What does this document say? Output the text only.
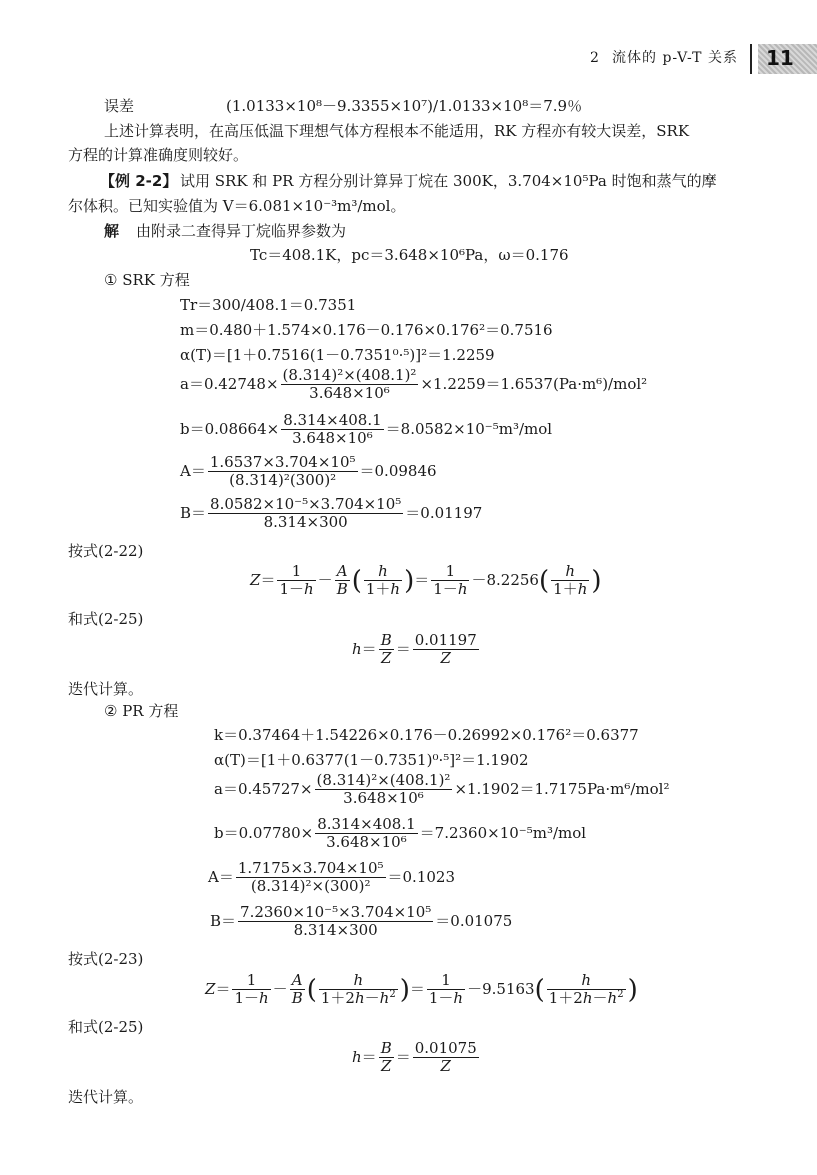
2 流体的 p-V-T 关系 11
误差	(1.0133×10⁸－9.3355×10⁷)/1.0133×10⁸＝7.9％
上述计算表明，在高压低温下理想气体方程根本不能适用，RK 方程亦有较大误差，SRK
方程的计算准确度则较好。
【例 2-2】 试用 SRK 和 PR 方程分别计算异丁烷在 300K，3.704×10⁵Pa 时饱和蒸气的摩
尔体积。已知实验值为 V＝6.081×10⁻³m³/mol。
解 由附录二查得异丁烷临界参数为
Tc＝408.1K，pc＝3.648×10⁶Pa，ω＝0.176
① SRK 方程
Tr＝300/408.1＝0.7351
m＝0.480＋1.574×0.176－0.176×0.176²＝0.7516
α(T)＝[1＋0.7516(1－0.7351⁰·⁵)]²＝1.2259
$a=0.42748\times \frac{\text{(8.314)²×(408.1)²}}{\text{3.648×10⁶}} \times 1.2259=1.6537(Pa\cdot m^6)/mol^2$
$b=0.08664\times \frac{8.314\times 408.1}{\text{3.648×10⁶}} =8.0582\times 10^{-5}m^3/mol$
$A= \frac{\text{1.6537×3.704×10⁵}}{\text{(8.314)²(300)²}} =0.09846$
$B= \frac{\text{8.0582×10⁻⁵×3.704×10⁵}}{8.314\times 300} =0.01197$
按式(2-22)
$Z= \frac{1}{1-h} - \frac{A}{B}$ ( $\frac{h}{1+h}$ )＝ $\frac{1}{1-h} -8.2256( \frac{h}{1+h}$ )
和式(2-25)
$h= \frac{B}{Z} = \frac{0.01197}{Z}$
迭代计算。
② PR 方程
k＝0.37464＋1.54226×0.176－0.26992×0.176²＝0.6377
α(T)＝[1＋0.6377(1－0.7351)⁰·⁵]²＝1.1902
$a=0.45727\times \frac{\text{(8.314)²×(408.1)²}}{\text{3.648×10⁶}} \times 1.1902=1.7175Pa\cdot m^6/mol^2$
$b=0.07780\times \frac{8.314\times 408.1}{\text{3.648×10⁶}} =7.2360\times 10^{-5}m^3/mol$
$A= \frac{\text{1.7175×3.704×10⁵}}{\text{(8.314)²×(300)²}} =0.1023$
$B= \frac{\text{7.2360×10⁻⁵×3.704×10⁵}}{8.314\times 300} =0.01075$
按式(2-23)
$Z= \frac{1}{1-h} - \frac{A}{B}$ ( $\frac{h}{1+2h-h^2}$ )＝ $\frac{1}{1-h} -9.5163( \frac{h}{1+2h-h^2}$ )
和式(2-25)
$h= \frac{B}{Z} = \frac{0.01075}{Z}$
迭代计算。
